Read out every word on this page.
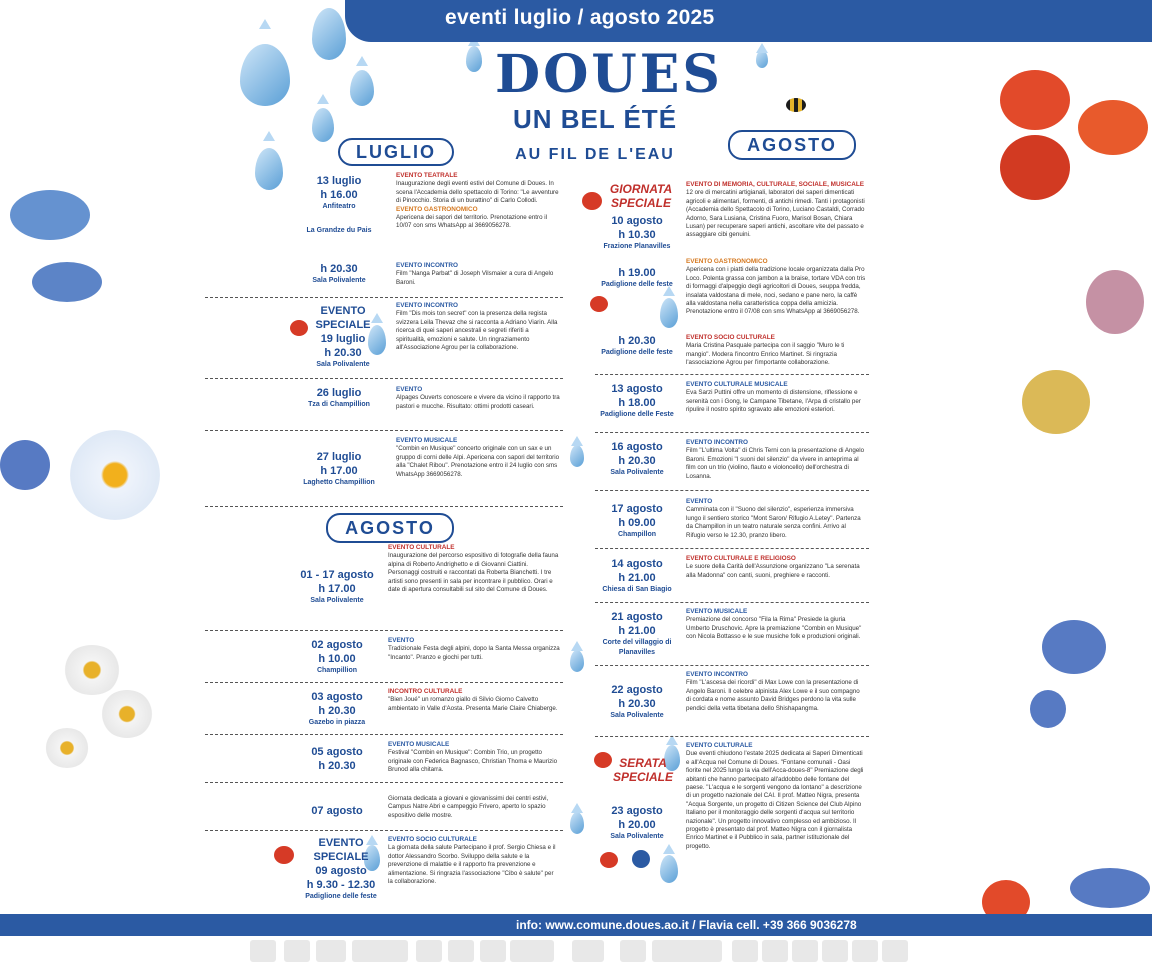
eventi luglio / agosto 2025
DOUES
UN BEL ÉTÉ
AU FIL DE L'EAU
LUGLIO
AGOSTO
AGOSTO
13 luglio
h 16.00
Anfiteatro
La Grandze du Pais
EVENTO TEATRALE
Inaugurazione degli eventi estivi del Comune di Doues. In scena l'Accademia dello spettacolo di Torino: "Le avventure di Pinocchio. Storia di un burattino" di Carlo Collodi.
EVENTO GASTRONOMICO
Apericena dei sapori del territorio. Prenotazione entro il 10/07 con sms WhatsApp al 3669056278.
h 20.30
Sala Polivalente
EVENTO INCONTRO
Film "Nanga Parbat" di Joseph Vilsmaier a cura di Angelo Baroni.
EVENTO SPECIALE
19 luglio
h 20.30
Sala Polivalente
EVENTO INCONTRO
Film "Dis mois ton secret" con la presenza della regista svizzera Leila Thevaz che si racconta a Adriano Viarin. Alla ricerca di quei saperi ancestrali e segreti riferiti a spiritualità, emozioni e salute. Un ringraziamento all'Associazione Agrou per la collaborazione.
26 luglio
Tza di Champillion
EVENTO
Alpages Ouverts conoscere e vivere da vicino il rapporto tra pastori e mucche. Risultato: ottimi prodotti caseari.
27 luglio
h 17.00
Laghetto Champillion
EVENTO MUSICALE
"Combin en Musique" concerto originale con un sax e un gruppo di corni delle Alpi. Apericena con sapori del territorio alla "Chalet Ribou". Prenotazione entro il 24 luglio con sms WhatsApp 3669056278.
01 - 17 agosto
h 17.00
Sala Polivalente
EVENTO CULTURALE
Inaugurazione del percorso espositivo di fotografie della fauna alpina di Roberto Andrighetto e di Giovanni Ciattini. Personaggi costruiti e raccontati da Roberta Bianchetti. I tre artisti sono presenti in sala per incontrare il pubblico. Orari e date di apertura consultabili sul sito del Comune di Doues.
02 agosto
h 10.00
Champillion
EVENTO
Tradizionale Festa degli alpini, dopo la Santa Messa organizza "Incanto". Pranzo e giochi per tutti.
03 agosto
h 20.30
Gazebo in piazza
INCONTRO CULTURALE
"Bien Joué" un romanzo giallo di Silvio Giorno Calvetto ambientato in Valle d'Aosta. Presenta Marie Claire Chiaberge.
05 agosto
h 20.30
EVENTO MUSICALE
Festival "Combin en Musique": Combin Trio, un progetto originale con Federica Bagnasco, Christian Thoma e Maurizio Brunod alla chitarra.
07 agosto
Giornata dedicata a giovani e giovanissimi dei centri estivi, Campus Natre Abri e campeggio Frivero, aperto lo spazio espositivo delle mostre.
EVENTO SPECIALE
09 agosto
h 9.30 - 12.30
Padiglione delle feste
EVENTO SOCIO CULTURALE
La giornata della salute Partecipano il prof. Sergio Chiesa e il dottor Alessandro Scorbo. Sviluppo della salute e la prevenzione di malattie e il rapporto fra prevenzione e alimentazione. Si ringrazia l'associazione "Cibo è salute" per la collaborazione.
GIORNATA SPECIALE
10 agosto
h 10.30
Frazione Planavilles
EVENTO DI MEMORIA, CULTURALE, SOCIALE, MUSICALE
12 ore di mercatini artigianali, laboratori dei saperi dimenticati agricoli e alimentari, formenti, di antichi rimedi. Tanti i protagonisti (Accademia dello Spettacolo di Torino, Luciano Castaldi, Corrado Adorno, Sara Lusiana, Cristina Fuoro, Marisol Bosan, Chiara Lusan) per recuperare saperi antichi, ascoltare vite del passato e assaggiare cibi genuini.
h 19.00
Padiglione delle feste
EVENTO GASTRONOMICO
Apericena con i piatti della tradizione locale organizzata dalla Pro Loco. Polenta grassa con jambon a la braise, tortare VDA con tris di formaggi d'alpeggio degli agricoltori di Doues, seuppa fredda, insalata valdostana di mele, noci, sedano e pane nero, la caffè alla valdostana nella caratteristica coppa della amicizia. Prenotazione entro il 07/08 con sms WhatsApp al 3669056278.
h 20.30
Padiglione delle feste
EVENTO SOCIO CULTURALE
Maria Cristina Pasquale partecipa con il saggio "Muro le ti mangio". Modera l'incontro Enrico Martinet. Si ringrazia l'associazione Agrou per l'importante collaborazione.
13 agosto
h 18.00
Padiglione delle Feste
EVENTO CULTURALE MUSICALE
Eva Sarzi Puttini offre un momento di distensione, riflessione e serenità con i Gong, le Campane Tibetane, l'Arpa di cristallo per ripulire il nostro spirito sgravato alle emozioni esteriori.
16 agosto
h 20.30
Sala Polivalente
EVENTO INCONTRO
Film "L'ultima Volta" di Chris Terni con la presentazione di Angelo Baroni. Emozioni "I suoni del silenzio" da vivere in anteprima al film con un trio (violino, flauto e violoncello) dell'orchestra di Losanna.
17 agosto
h 09.00
Champillon
EVENTO
Camminata con il "Suono del silenzio", esperienza immersiva lungo il sentiero storico "Mont Saron/ Rifugio A.Letey". Partenza da Champillon in un teatro naturale senza confini. Arrivo al Rifugio verso le 12.30, pranzo libero.
14 agosto
h 21.00
Chiesa di San Biagio
EVENTO CULTURALE E RELIGIOSO
Le suore della Carità dell'Assunzione organizzano "La serenata alla Madonna" con canti, suoni, preghiere e racconti.
21 agosto
h 21.00
Corte del villaggio di Planavilles
EVENTO MUSICALE
Premiazione del concorso "Fila la Rima" Presiede la giuria Umberto Druschovic. Apre la premiazione "Combin en Musique" con Nicola Bottasso e le sue musiche folk e produzioni originali.
22 agosto
h 20.30
Sala Polivalente
EVENTO INCONTRO
Film "L'ascesa dei ricordi" di Max Lowe con la presentazione di Angelo Baroni. Il celebre alpinista Alex Lowe e il suo compagno di cordata e nome assunto David Bridges perdono la vita sulle pendici della vetta tibetana dello Shishapangma.
SERATA SPECIALE
23 agosto
h 20.00
Sala Polivalente
EVENTO CULTURALE
Due eventi chiudono l'estate 2025 dedicata ai Saperi Dimenticati e all'Acqua nel Comune di Doues. "Fontane comunali - Oasi fiorite nel 2025 lungo la via dell'Acca-doues-8" Premiazione degli abitanti che hanno partecipato all'addobbo delle fontane del paese. "L'acqua e le sorgenti vengono da lontano" a descrizione di un progetto nazionale del CAI. Il prof. Matteo Nigra, presenta "Acqua Sorgente, un progetto di Citizen Science del Club Alpino Italiano per il monitoraggio delle sorgenti d'acqua sul territorio nazionale". Un progetto innovativo complesso ed ambizioso. Il progetto è presentato dal prof. Matteo Nigra con il giornalista Enrico Martinet e il Pubblico in sala, partner istituzionale del progetto.
info: www.comune.doues.ao.it / Flavia cell. +39 366 9036278
